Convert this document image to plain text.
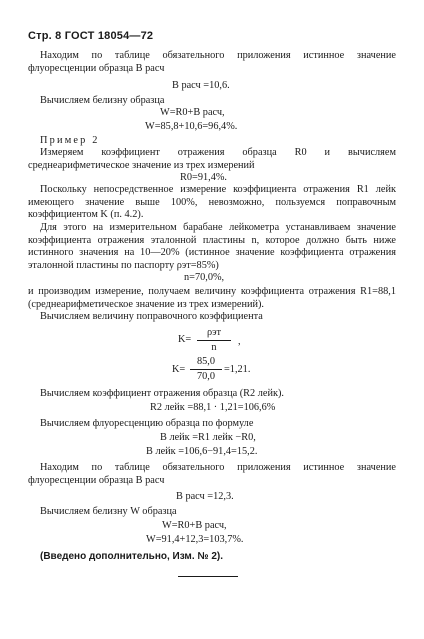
Стр. 8 ГОСТ 18054—72

Находим по таблице обязательного приложения истинное значение флуоресценции образца B расч

B расч =10,6.

Вычисляем белизну образца

W=R0+B расч,
W=85,8+10,6=96,4%.
Пример 2

Измеряем коэффициент отражения образца R0 и вычисляем среднеарифметическое значение из трех измерений

R0=91,4%.

Поскольку непосредственное измерение коэффициента отражения R1 лейк имеющего значение выше 100%, невозможно, пользуемся поправочным коэффициентом K (п. 4.2).

Для этого на измерительном барабане лейкометра устанавливаем значение коэффициента отражения эталонной пластины n, которое должно быть ниже истинного значения на 10—20% (истинное значение коэффициента отражения эталонной пластины по паспорту ρэт=85%)

n=70,0%,

и производим измерение, получаем величину коэффициента отражения R1=88,1 (среднеарифметическое значение из трех измерений).

Вычисляем величину поправочного коэффициента

K=
ρэт
n
,
K=
85,0
70,0
=1,21.

Вычисляем коэффициент отражения образца (R2 лейк).

R2 лейк =88,1 · 1,21=106,6%

Вычисляем флуоресценцию образца по формуле

B лейк =R1 лейк −R0,
B лейк =106,6−91,4=15,2.

Находим по таблице обязательного приложения истинное значение флуоресценции образца B расч

B расч =12,3.

Вычисляем белизну W образца

W=R0+B расч,
W=91,4+12,3=103,7%.
(Введено дополнительно, Изм. № 2).
